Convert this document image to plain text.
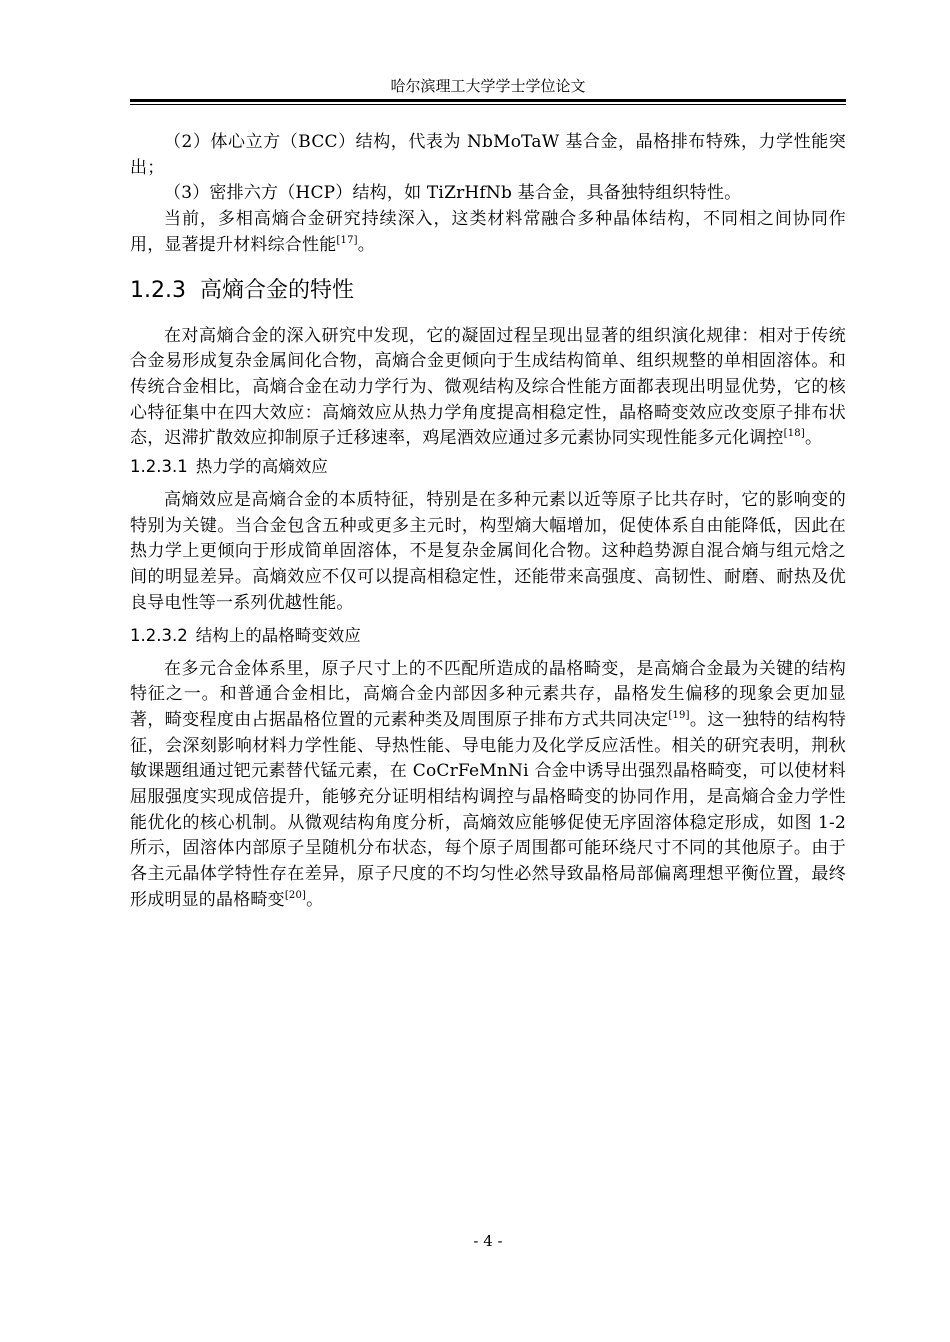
哈尔滨理工大学学士学位论文

（2）体心立方（BCC）结构，代表为 NbMoTaW 基合金，晶格排布特殊，力学性能突出；

（3）密排六方（HCP）结构，如 TiZrHfNb 基合金，具备独特组织特性。

当前，多相高熵合金研究持续深入，这类材料常融合多种晶体结构，不同相之间协同作用，显著提升材料综合性能[17]。

1.2.3 高熵合金的特性

在对高熵合金的深入研究中发现，它的凝固过程呈现出显著的组织演化规律：相对于传统合金易形成复杂金属间化合物，高熵合金更倾向于生成结构简单、组织规整的单相固溶体。和传统合金相比，高熵合金在动力学行为、微观结构及综合性能方面都表现出明显优势，它的核心特征集中在四大效应：高熵效应从热力学角度提高相稳定性，晶格畸变效应改变原子排布状态，迟滞扩散效应抑制原子迁移速率，鸡尾酒效应通过多元素协同实现性能多元化调控[18]。

1.2.3.1 热力学的高熵效应

高熵效应是高熵合金的本质特征，特别是在多种元素以近等原子比共存时，它的影响变的特别为关键。当合金包含五种或更多主元时，构型熵大幅增加，促使体系自由能降低，因此在热力学上更倾向于形成简单固溶体，不是复杂金属间化合物。这种趋势源自混合熵与组元焓之间的明显差异。高熵效应不仅可以提高相稳定性，还能带来高强度、高韧性、耐磨、耐热及优良导电性等一系列优越性能。

1.2.3.2 结构上的晶格畸变效应

在多元合金体系里，原子尺寸上的不匹配所造成的晶格畸变，是高熵合金最为关键的结构特征之一。和普通合金相比，高熵合金内部因多种元素共存，晶格发生偏移的现象会更加显著，畸变程度由占据晶格位置的元素种类及周围原子排布方式共同决定[19]。这一独特的结构特征，会深刻影响材料力学性能、导热性能、导电能力及化学反应活性。相关的研究表明，荆秋敏课题组通过钯元素替代锰元素，在 CoCrFeMnNi 合金中诱导出强烈晶格畸变，可以使材料屈服强度实现成倍提升，能够充分证明相结构调控与晶格畸变的协同作用，是高熵合金力学性能优化的核心机制。从微观结构角度分析，高熵效应能够促使无序固溶体稳定形成，如图 1-2 所示，固溶体内部原子呈随机分布状态，每个原子周围都可能环绕尺寸不同的其他原子。由于各主元晶体学特性存在差异，原子尺度的不均匀性必然导致晶格局部偏离理想平衡位置，最终形成明显的晶格畸变[20]。

- 4 -
